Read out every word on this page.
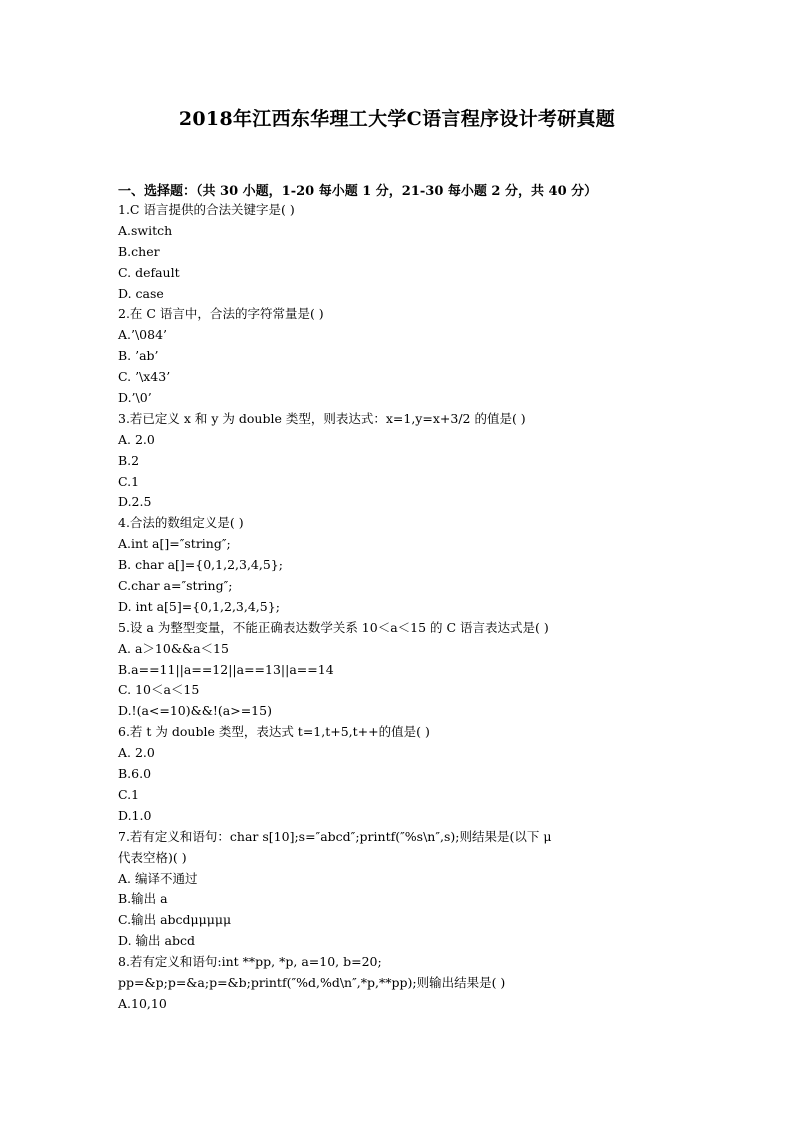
2018年江西东华理工大学C语言程序设计考研真题
一、选择题：（共 30 小题，1-20 每小题 1 分，21-30 每小题 2 分，共 40 分）
1.C 语言提供的合法关键字是( )
A.switch
B.cher
C. default
D. case
2.在 C 语言中，合法的字符常量是( )
A.’\084’
B. ’ab’
C. ’\x43’
D.’\0’
3.若已定义 x 和 y 为 double 类型，则表达式：x=1,y=x+3/2 的值是( )
A. 2.0
B.2
C.1
D.2.5
4.合法的数组定义是( )
A.int a[]=″string″;
B. char a[]={0,1,2,3,4,5};
C.char a=″string″;
D. int a[5]={0,1,2,3,4,5};
5.设 a 为整型变量，不能正确表达数学关系 10＜a＜15 的 C 语言表达式是( )
A. a＞10&&a＜15
B.a==11||a==12||a==13||a==14
C. 10＜a＜15
D.!(a<=10)&&!(a>=15)
6.若 t 为 double 类型，表达式 t=1,t+5,t++的值是( )
A. 2.0
B.6.0
C.1
D.1.0
7.若有定义和语句：char s[10];s=″abcd″;printf(″%s\n″,s);则结果是(以下 μ
代表空格)( )
A. 编译不通过
B.输出 a
C.输出 abcdμμμμμ
D. 输出 abcd
8.若有定义和语句:int **pp, *p, a=10, b=20;
pp=&p;p=&a;p=&b;printf(″%d,%d\n″,*p,**pp);则输出结果是( )
A.10,10
